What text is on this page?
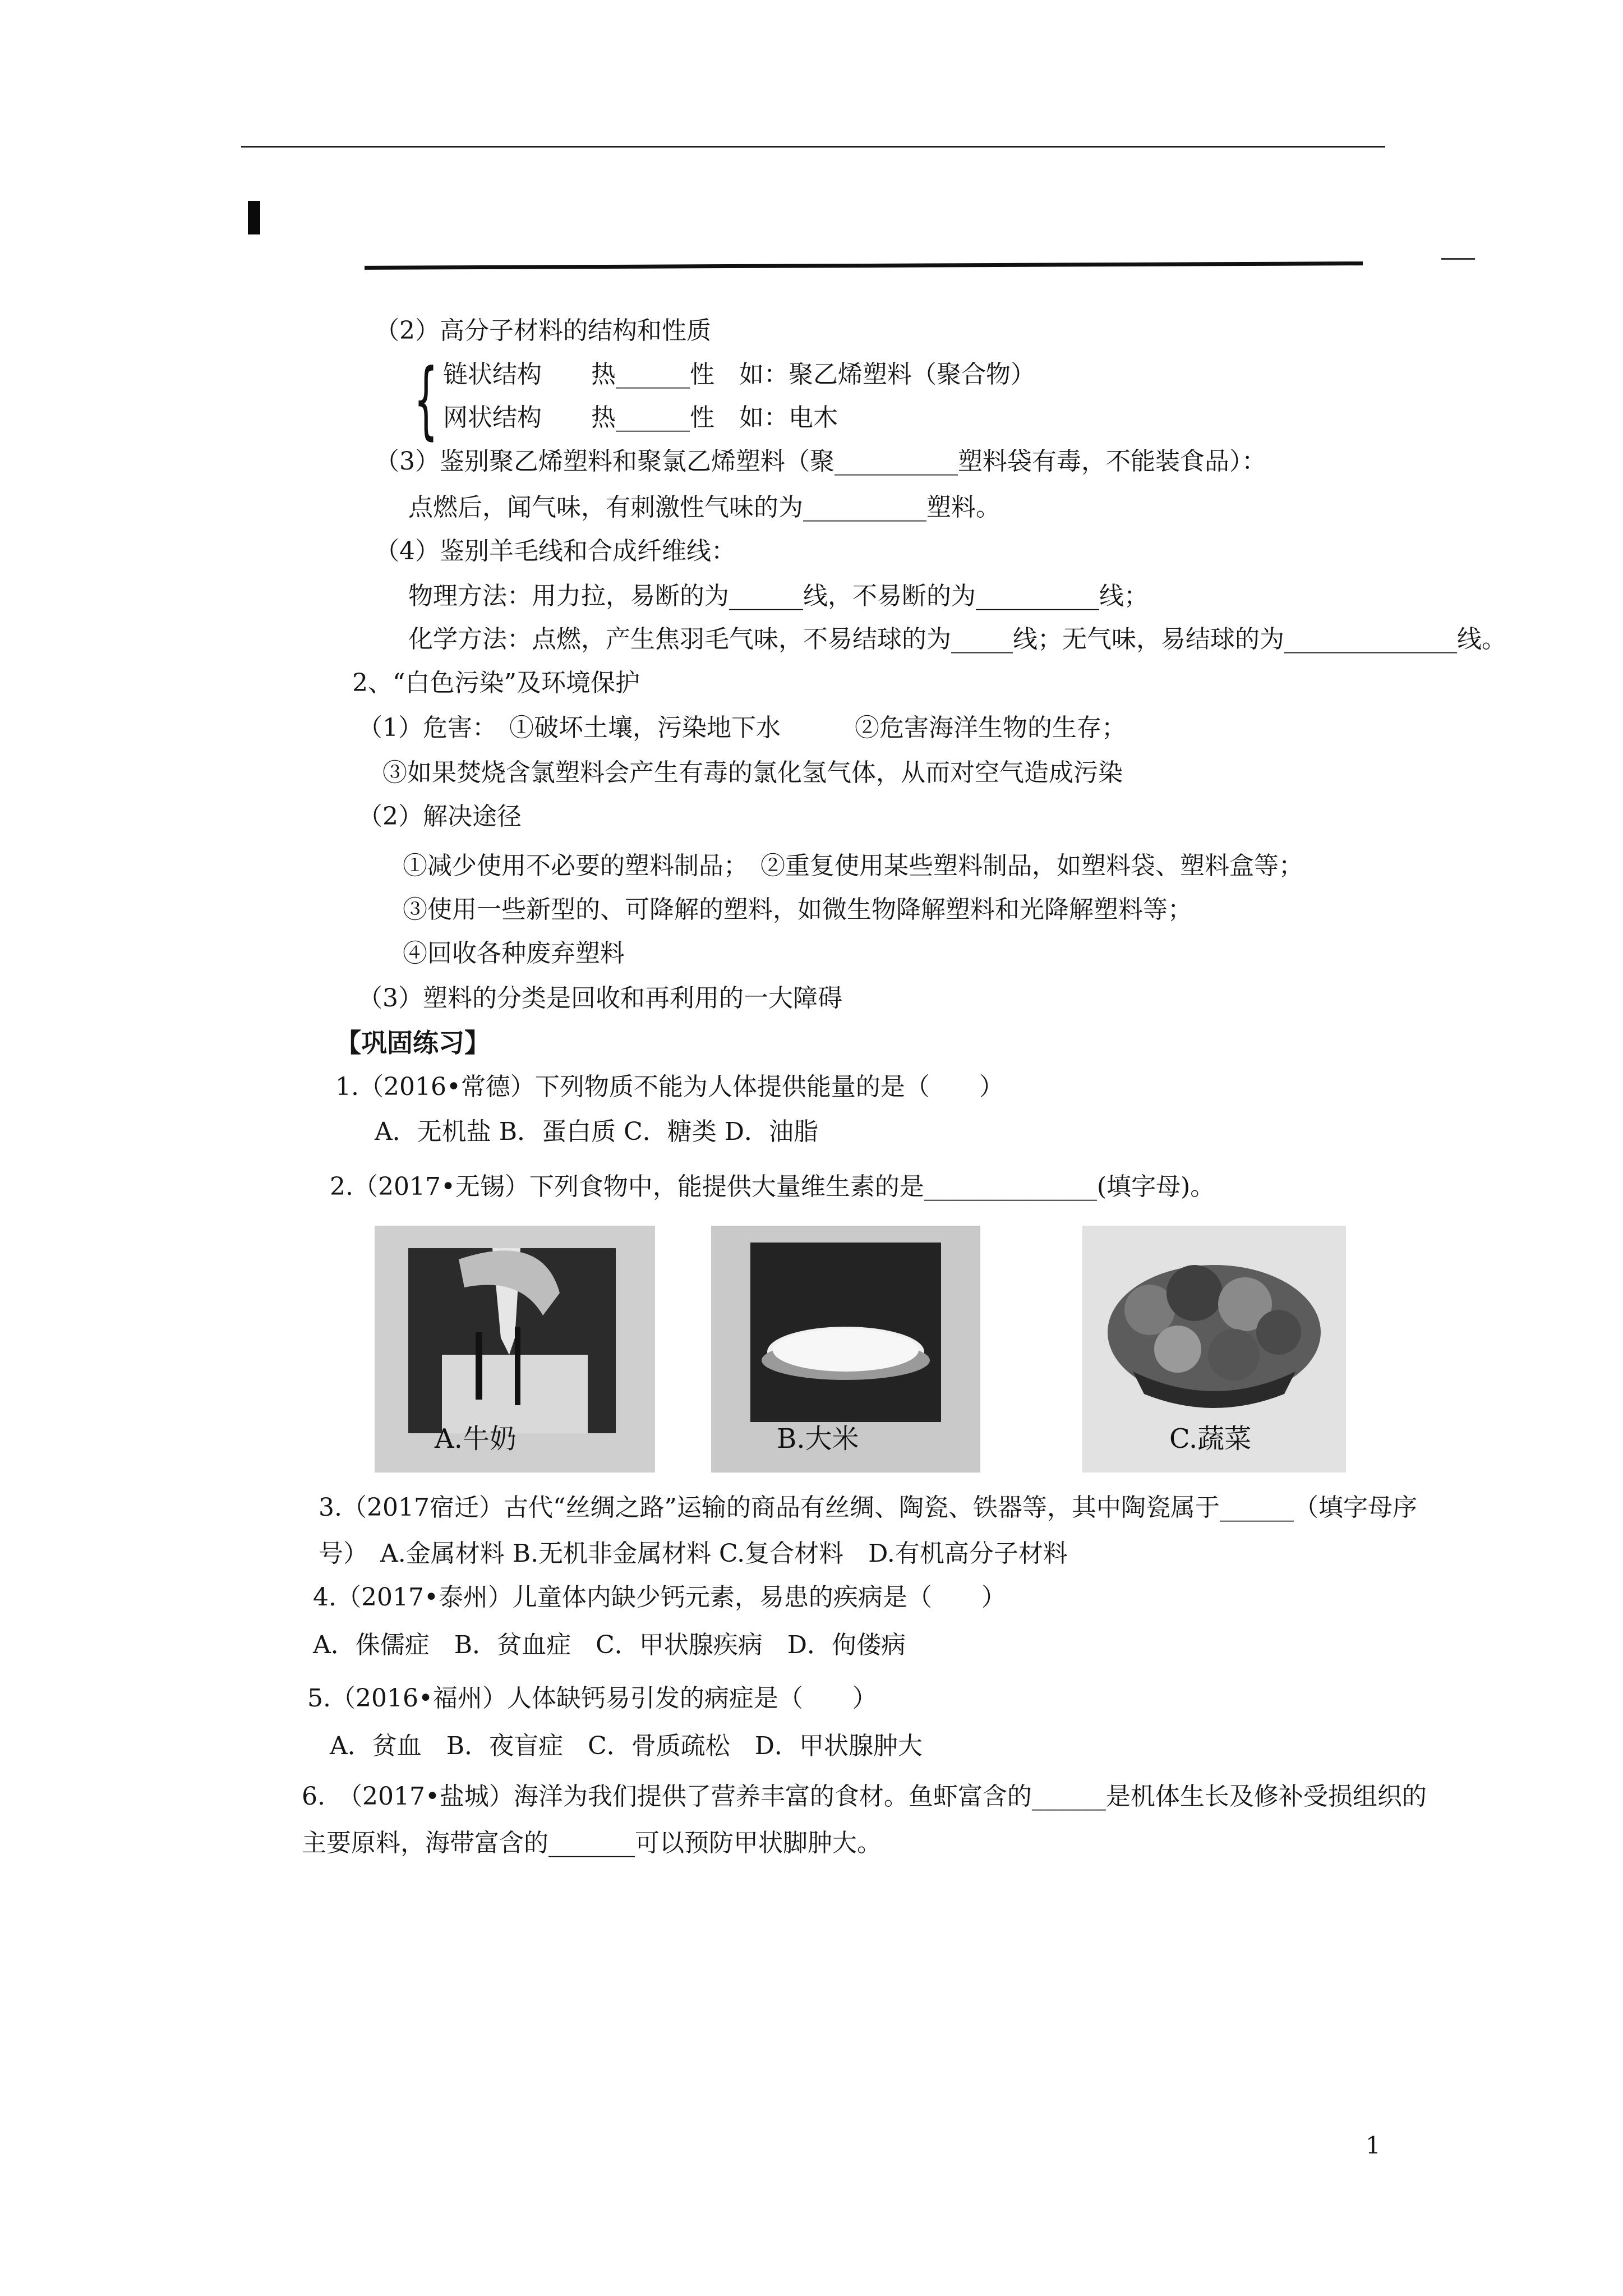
（2）高分子材料的结构和性质
{ 链状结构　　热______性　如：聚乙烯塑料（聚合物）
网状结构　　热______性　如：电木
（3）鉴别聚乙烯塑料和聚氯乙烯塑料（聚__________塑料袋有毒，不能装食品）：
点燃后，闻气味，有刺激性气味的为__________塑料。
（4）鉴别羊毛线和合成纤维线：
物理方法：用力拉，易断的为______线，不易断的为__________线；
化学方法：点燃，产生焦羽毛气味，不易结球的为_____线；无气味，易结球的为______________线。
2、“白色污染”及环境保护
（1）危害：　①破坏土壤，污染地下水　　　②危害海洋生物的生存；
③如果焚烧含氯塑料会产生有毒的氯化氢气体，从而对空气造成污染
（2）解决途径
①减少使用不必要的塑料制品；　②重复使用某些塑料制品，如塑料袋、塑料盒等；
③使用一些新型的、可降解的塑料，如微生物降解塑料和光降解塑料等；
④回收各种废弃塑料
（3）塑料的分类是回收和再利用的一大障碍
【巩固练习】
1.（2016•常德）下列物质不能为人体提供能量的是（　　）
A．无机盐 B．蛋白质 C．糖类 D．油脂
2.（2017•无锡）下列食物中，能提供大量维生素的是______________(填字母)。
A.牛奶	B.大米	C.蔬菜
3.（2017宿迁）古代“丝绸之路”运输的商品有丝绸、陶瓷、铁器等，其中陶瓷属于______（填字母序
号）　A.金属材料 B.无机非金属材料 C.复合材料　D.有机高分子材料
4.（2017•泰州）儿童体内缺少钙元素，易患的疾病是（　　）
A．侏儒症　B．贫血症　C．甲状腺疾病　D．佝偻病
5.（2016•福州）人体缺钙易引发的病症是（　　）
A．贫血　B．夜盲症　C．骨质疏松　D．甲状腺肿大
6.　（2017•盐城）海洋为我们提供了营养丰富的食材。鱼虾富含的______是机体生长及修补受损组织的
主要原料，海带富含的_______可以预防甲状脚肿大。
1
